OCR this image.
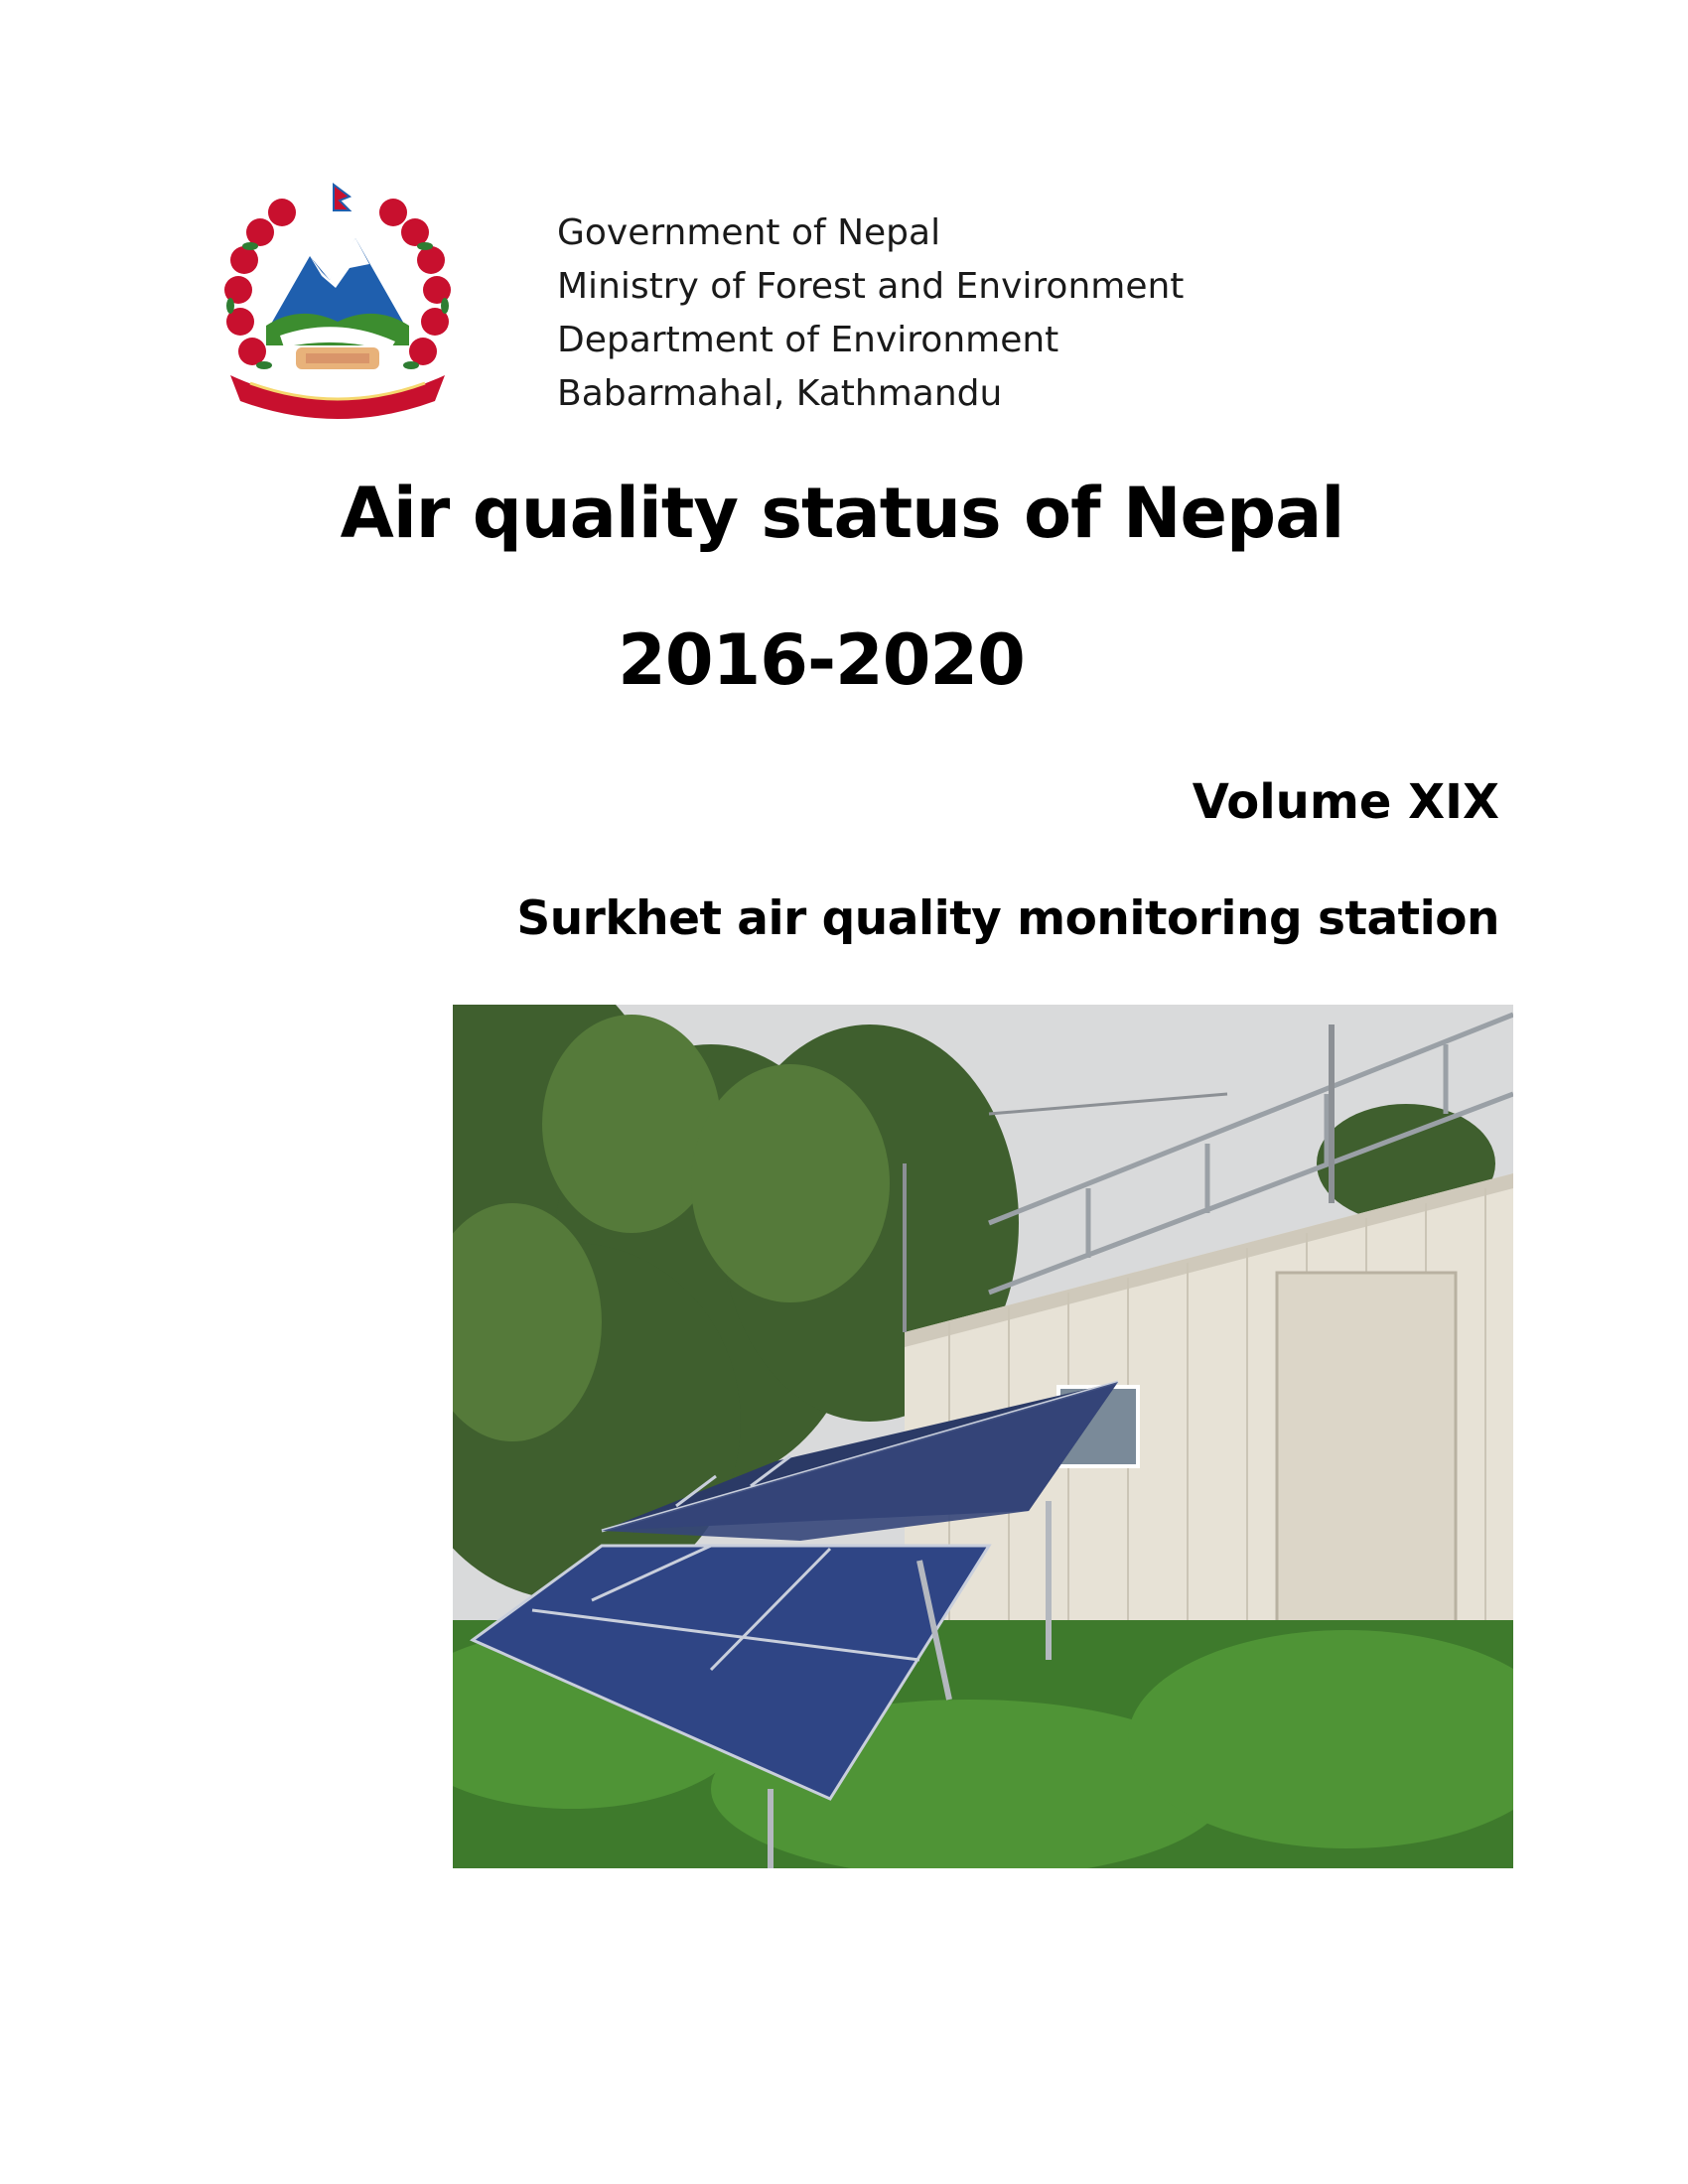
Government of Nepal
Ministry of Forest and Environment
Department of Environment
Babarmahal, Kathmandu
Air quality status of Nepal
2016-2020
Volume XIX
Surkhet air quality monitoring station
